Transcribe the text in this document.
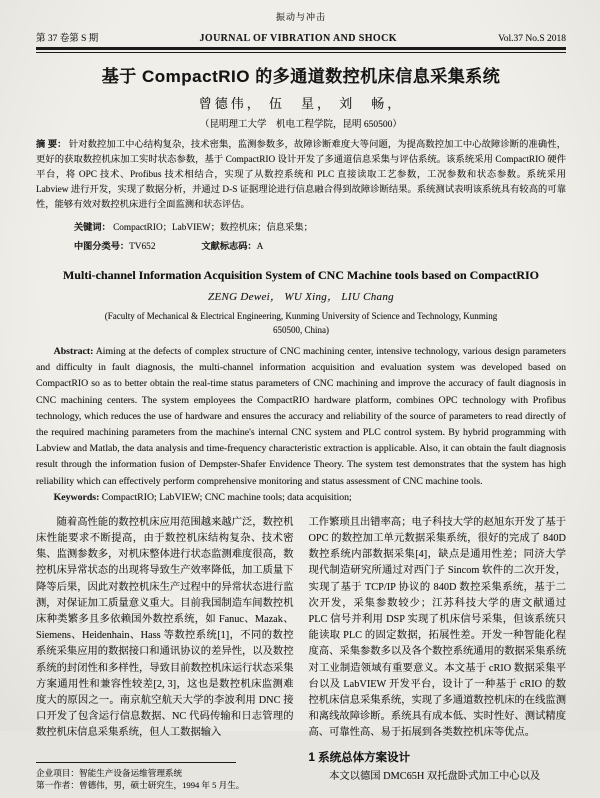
振动与冲击
第 37 卷第 S 期	JOURNAL OF VIBRATION AND SHOCK	Vol.37 No.S 2018
基于 CompactRIO 的多通道数控机床信息采集系统
曾德伟， 伍　星， 刘　畅，
（昆明理工大学　机电工程学院，昆明 650500）

摘 要： 针对数控加工中心结构复杂，技术密集，监测参数多，故障诊断难度大等问题，为提高数控加工中心故障诊断的准确性，更好的获取数控机床加工实时状态参数，基于 CompactRIO 设计开发了多通道信息采集与评估系统。该系统采用 CompactRIO 硬件平台，将 OPC 技术、Profibus 技术相结合，实现了从数控系统和 PLC 直接读取工艺参数，工况参数和状态参数。系统采用 Labview 进行开发，实现了数据分析，并通过 D-S 证据理论进行信息融合得到故障诊断结果。系统测试表明该系统具有较高的可靠性，能够有效对数控机床进行全面监测和状态评估。

关键词： CompactRIO；LabVIEW；数控机床；信息采集；
中图分类号：TV652	文献标志码：A
Multi-channel Information Acquisition System of CNC Machine tools based on CompactRIO
ZENG Dewei， WU Xing， LIU Chang
(Faculty of Mechanical & Electrical Engineering, Kunming University of Science and Technology, Kunming
650500, China)

Abstract: Aiming at the defects of complex structure of CNC machining center, intensive technology, various design parameters and difficulty in fault diagnosis, the multi-channel information acquisition and evaluation system was developed based on CompactRIO so as to better obtain the real-time status parameters of CNC machining and improve the accuracy of fault diagnosis in CNC machining centers. The system employees the CompactRIO hardware platform, combines OPC technology with Profibus technology, which reduces the use of hardware and ensures the accuracy and reliability of the source of parameters to read directly of the required machining parameters from the machine's internal CNC system and PLC control system. By hybrid programming with Labview and Matlab, the data analysis and time-frequency characteristic extraction is applicable. Also, it can obtain the fault diagnosis result through the information fusion of Dempster-Shafer Envidence Theory. The system test demonstrates that the system has high reliability which can effectively perform comprehensive monitoring and status assessment of CNC machine tools.

Keywords: CompactRIO; LabVIEW; CNC machine tools; data acquisition;

随着高性能的数控机床应用范围越来越广泛，数控机床性能要求不断提高，由于数控机床结构复杂、技术密集、监测参数多，对机床整体进行状态监测难度很高，数控机床异常状态的出现将导致生产效率降低，加工质量下降等后果，因此对数控机床生产过程中的异常状态进行监测，对保证加工质量意义重大。目前我国制造车间数控机床种类繁多且多依赖国外数控系统，如 Fanuc、Mazak、Siemens、Heidenhain、Hass 等数控系统[1]，不同的数控系统采集应用的数据接口和通讯协议的差异性，以及数控系统的封闭性和多样性，导致目前数控机床运行状态采集方案通用性和兼容性较差[2, 3]，这也是数控机床监测难度大的原因之一。南京航空航天大学的李波利用 DNC 接口开发了包含运行信息数据、NC 代码传输和日志管理的数控机床信息采集系统，但人工数据输入

企业项目：智能生产设备运维管理系统
第一作者：曾德伟，男，硕士研究生，1994 年 5 月生。

工作繁琐且出错率高；电子科技大学的赵旭东开发了基于 OPC 的数控加工单元数据采集系统，很好的完成了 840D 数控系统内部数据采集[4]，缺点是通用性差；同济大学现代制造研究所通过对西门子 Sincom 软件的二次开发，实现了基于 TCP/IP 协议的 840D 数控采集系统，基于二次开发，采集参数较少；江苏科技大学的唐文献通过 PLC 信号并利用 DSP 实现了机床信号采集，但该系统只能读取 PLC 的固定数据，拓展性差。开发一种智能化程度高、采集参数多以及各个数控系统通用的数据采集系统对工业制造领域有重要意义。本文基于 cRIO 数据采集平台以及 LabVIEW 开发平台，设计了一种基于 cRIO 的数控机床信息采集系统，实现了多通道数控机床的在线监测和离线故障诊断。系统具有成本低、实时性好、测试精度高、可靠性高、易于拓展到各类数控机床等优点。

1 系统总体方案设计

本文以德国 DMC65H 双托盘卧式加工中心以及
